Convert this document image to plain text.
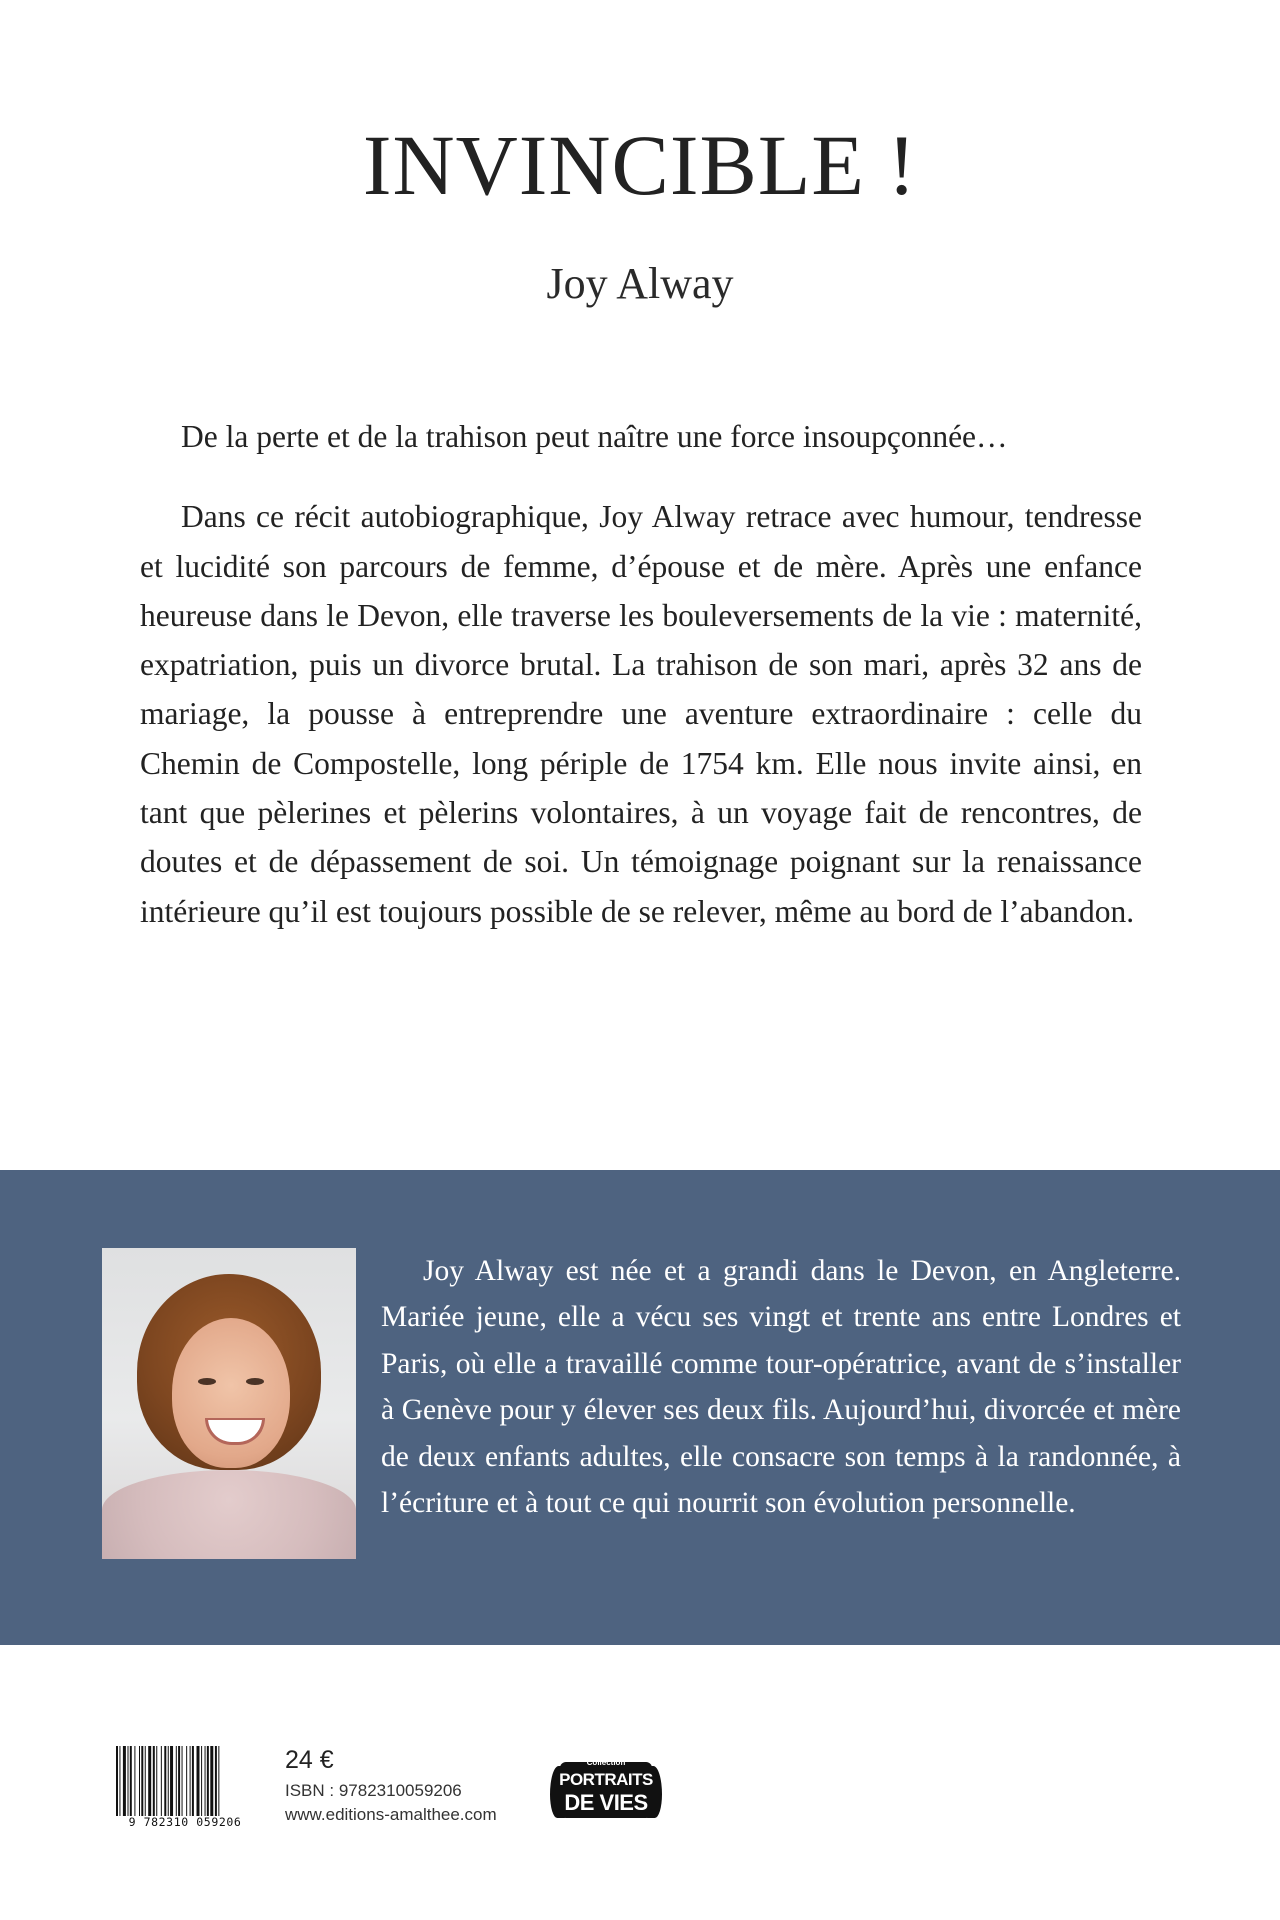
INVINCIBLE !
Joy Alway

De la perte et de la trahison peut naître une force insoupçonnée…

Dans ce récit autobiographique, Joy Alway retrace avec humour, tendresse et lucidité son parcours de femme, d’épouse et de mère. Après une enfance heureuse dans le Devon, elle traverse les bouleversements de la vie : maternité, expatriation, puis un divorce brutal. La trahison de son mari, après 32 ans de mariage, la pousse à entreprendre une aventure extraordinaire : celle du Chemin de Compostelle, long périple de 1754 km. Elle nous invite ainsi, en tant que pèlerines et pèlerins volontaires, à un voyage fait de rencontres, de doutes et de dépassement de soi. Un témoignage poignant sur la renaissance intérieure qu’il est toujours possible de se relever, même au bord de l’abandon.

Joy Alway est née et a grandi dans le Devon, en Angleterre. Mariée jeune, elle a vécu ses vingt et trente ans entre Londres et Paris, où elle a travaillé comme tour-opératrice, avant de s’installer à Genève pour y élever ses deux fils. Aujourd’hui, divorcée et mère de deux enfants adultes, elle consacre son temps à la randonnée, à l’écriture et à tout ce qui nourrit son évolution personnelle.

9 782310 059206
24 €
ISBN : 9782310059206
www.editions-amalthee.com
Collection
PORTRAITS
DE VIES
